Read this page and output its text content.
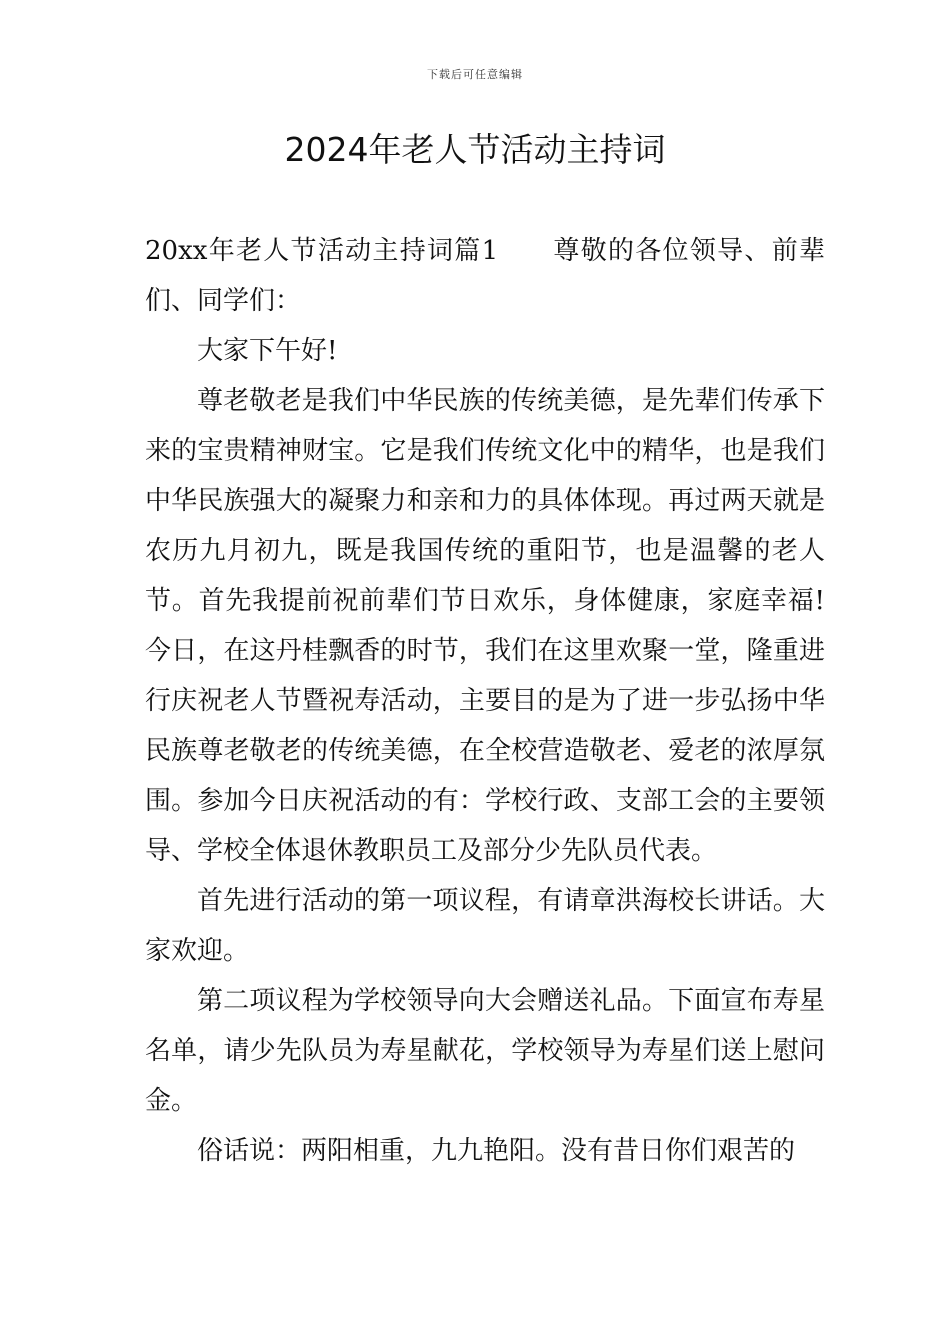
下载后可任意编辑
2024年老人节活动主持词

20xx年老人节活动主持词篇1 尊敬的各位领导、前辈们、同学们：

大家下午好!

尊老敬老是我们中华民族的传统美德，是先辈们传承下来的宝贵精神财宝。它是我们传统文化中的精华，也是我们中华民族强大的凝聚力和亲和力的具体体现。再过两天就是农历九月初九，既是我国传统的重阳节，也是温馨的老人节。首先我提前祝前辈们节日欢乐，身体健康，家庭幸福!今日，在这丹桂飘香的时节，我们在这里欢聚一堂，隆重进行庆祝老人节暨祝寿活动，主要目的是为了进一步弘扬中华民族尊老敬老的传统美德，在全校营造敬老、爱老的浓厚氛围。参加今日庆祝活动的有：学校行政、支部工会的主要领导、学校全体退休教职员工及部分少先队员代表。

首先进行活动的第一项议程，有请章洪海校长讲话。大家欢迎。

第二项议程为学校领导向大会赠送礼品。下面宣布寿星名单，请少先队员为寿星献花，学校领导为寿星们送上慰问金。

俗话说：两阳相重，九九艳阳。没有昔日你们艰苦的
